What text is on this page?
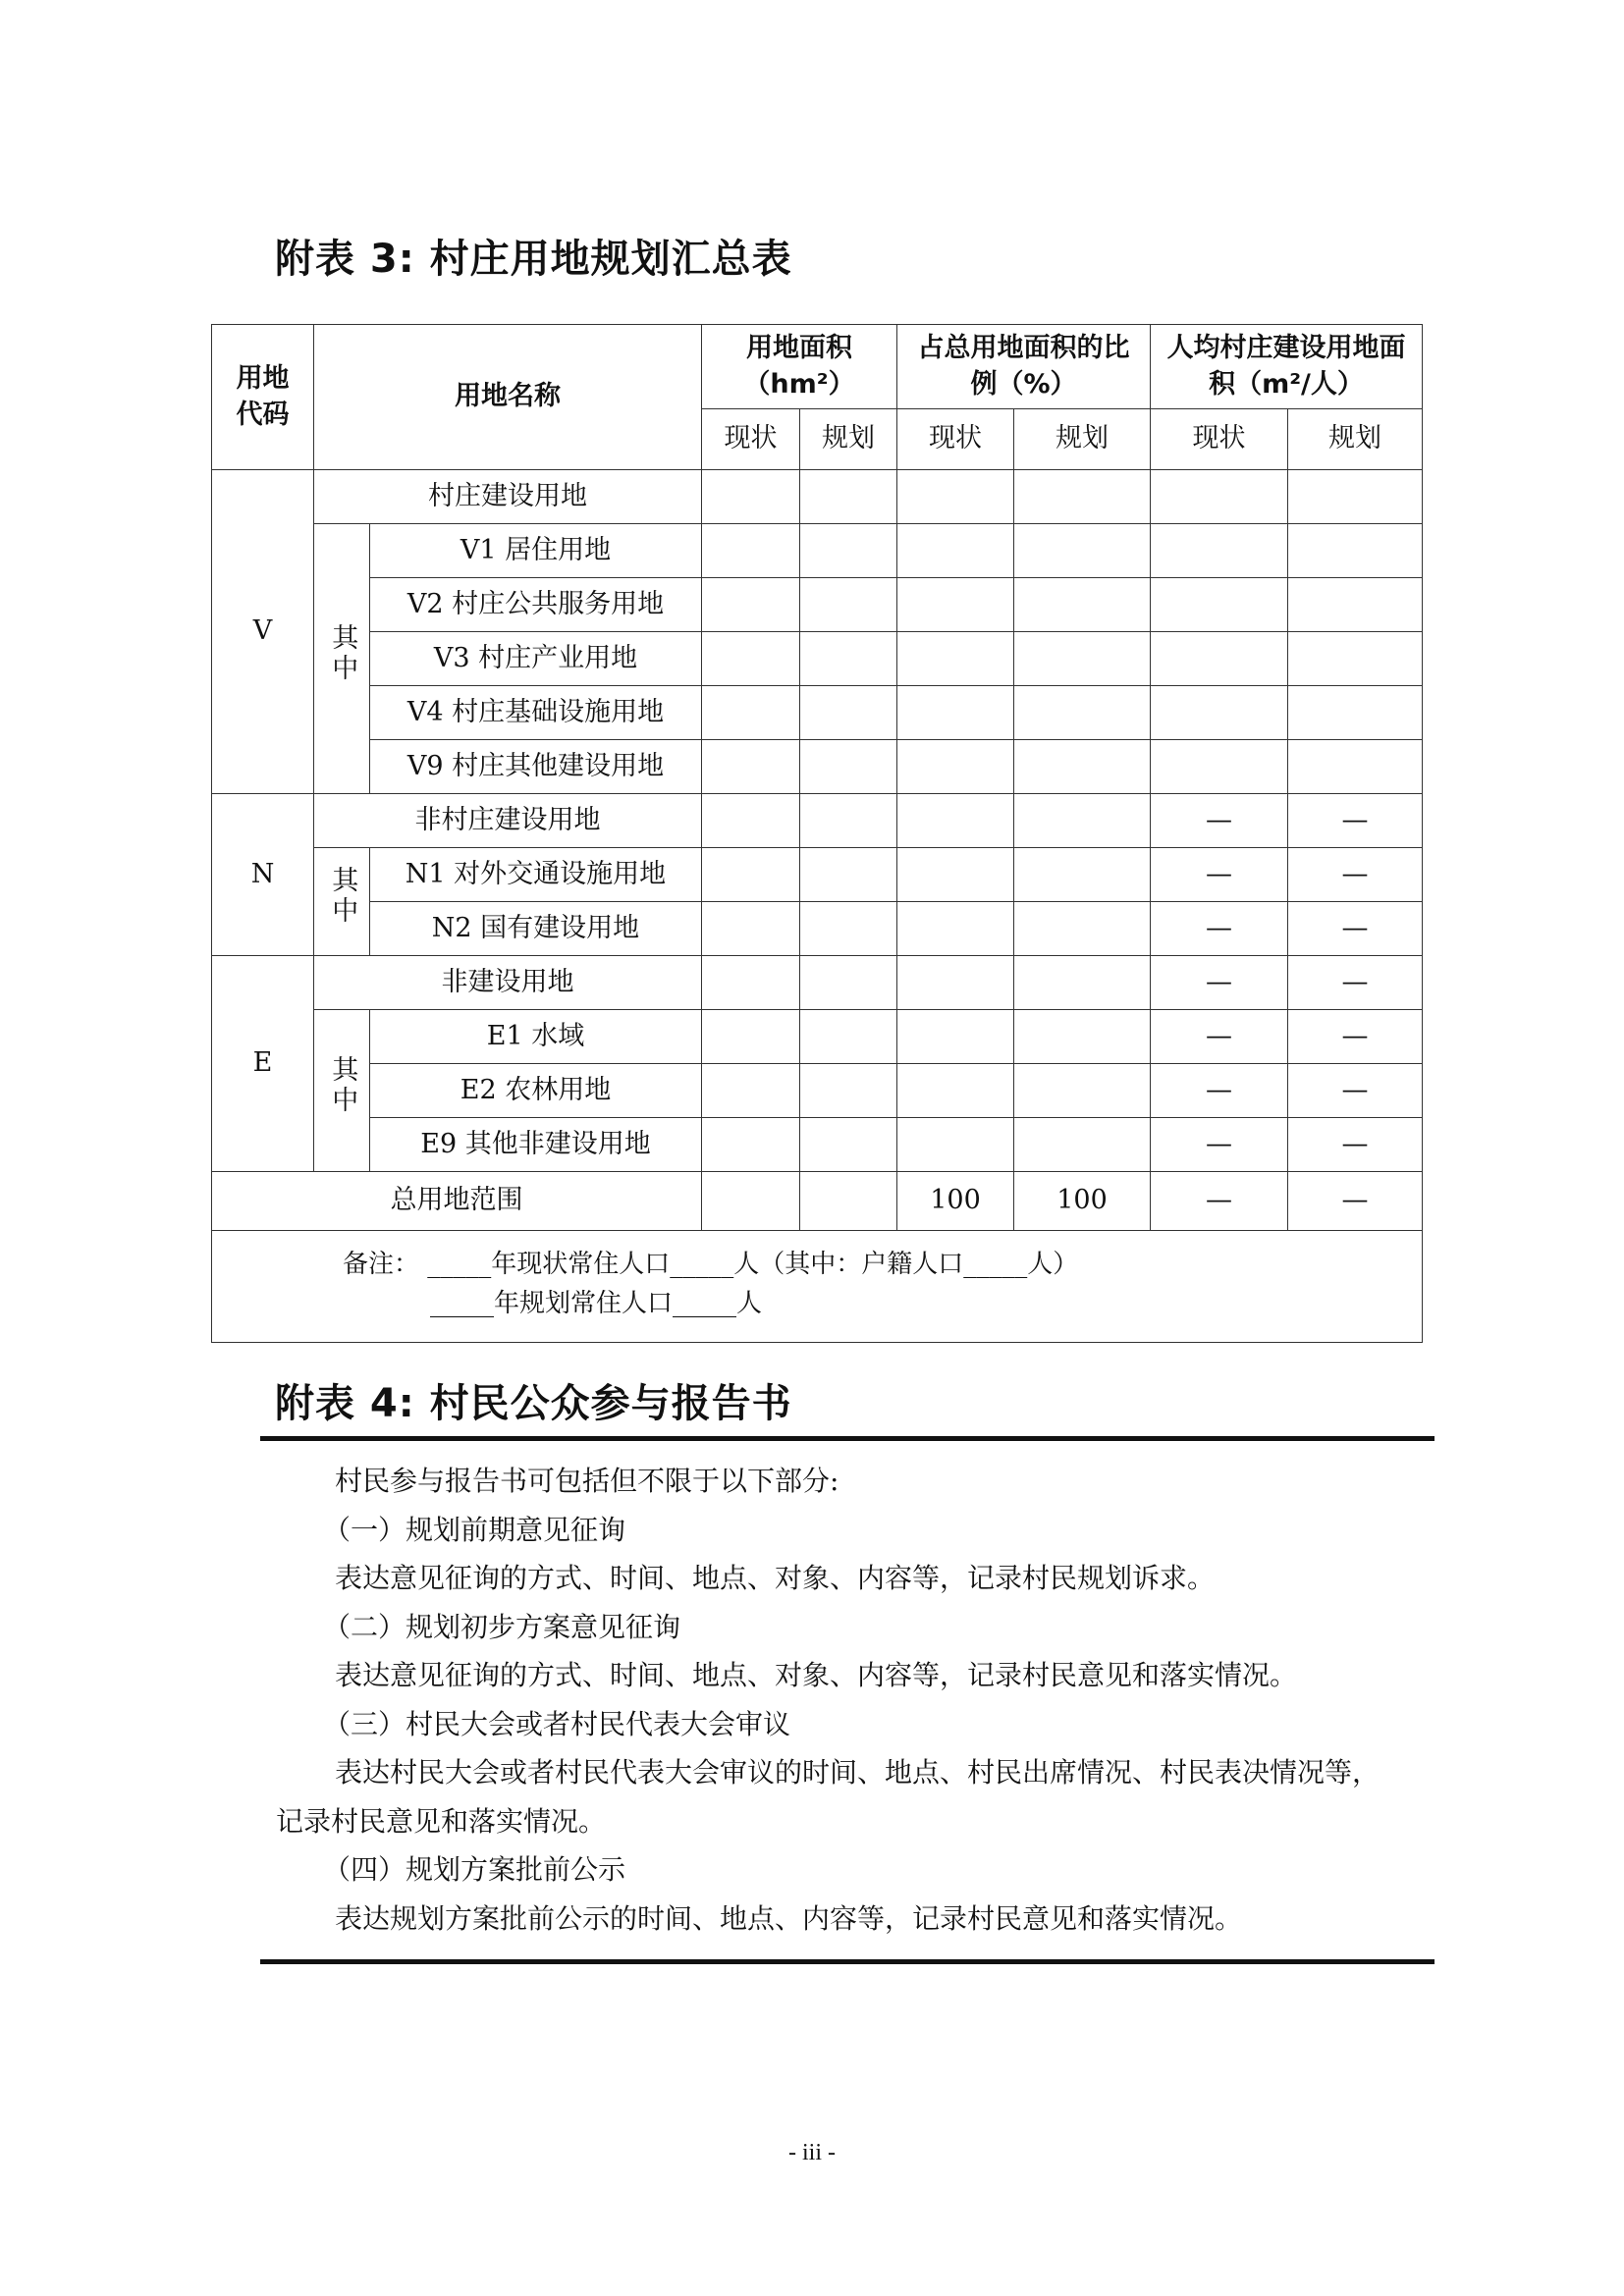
附表 3: 村庄用地规划汇总表
用地代码	用地名称		用地面积（hm²）		占总用地面积的比例（%）		人均村庄建设用地面积（m²/人）	
			现状	规划	现状	规划	现状	规划
V	村庄建设用地							
	其中	V1 居住用地						
		V2 村庄公共服务用地						
		V3 村庄产业用地						
		V4 村庄基础设施用地						
		V9 村庄其他建设用地						
N	非村庄建设用地						—	—
	其中	N1 对外交通设施用地					—	—
		N2 国有建设用地					—	—
E	非建设用地						—	—
	其中	E1 水域					—	—
		E2 农林用地					—	—
		E9 其他非建设用地					—	—
总用地范围					100	100	—	—

备注： _____年现状常住人口_____人（其中：户籍人口_____人）
_____年规划常住人口_____人								
附表 4: 村民公众参与报告书

村民参与报告书可包括但不限于以下部分:

（一）规划前期意见征询

表达意见征询的方式、时间、地点、对象、内容等，记录村民规划诉求。

（二）规划初步方案意见征询

表达意见征询的方式、时间、地点、对象、内容等，记录村民意见和落实情况。

（三）村民大会或者村民代表大会审议

表达村民大会或者村民代表大会审议的时间、地点、村民出席情况、村民表决情况等，

记录村民意见和落实情况。

（四）规划方案批前公示

表达规划方案批前公示的时间、地点、内容等，记录村民意见和落实情况。

- iii -
